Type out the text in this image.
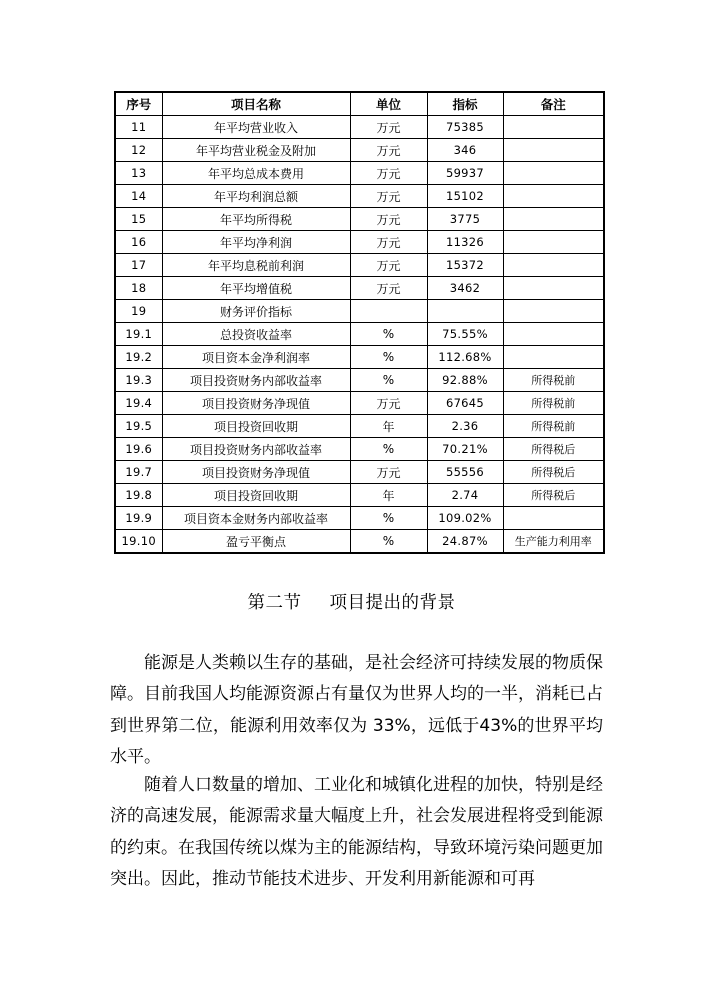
序号	项目名称	单位	指标	备注
11	年平均营业收入	万元	75385	
12	年平均营业税金及附加	万元	346	
13	年平均总成本费用	万元	59937	
14	年平均利润总额	万元	15102	
15	年平均所得税	万元	3775	
16	年平均净利润	万元	11326	
17	年平均息税前利润	万元	15372	
18	年平均增值税	万元	3462	
19	财务评价指标			
19.1	总投资收益率	%	75.55%	
19.2	项目资本金净利润率	%	112.68%	
19.3	项目投资财务内部收益率	%	92.88%	所得税前
19.4	项目投资财务净现值	万元	67645	所得税前
19.5	项目投资回收期	年	2.36	所得税前
19.6	项目投资财务内部收益率	%	70.21%	所得税后
19.7	项目投资财务净现值	万元	55556	所得税后
19.8	项目投资回收期	年	2.74	所得税后
19.9	项目资本金财务内部收益率	%	109.02%	
19.10	盈亏平衡点	%	24.87%	生产能力利用率
第二节 项目提出的背景

能源是人类赖以生存的基础，是社会经济可持续发展的物质保障。目前我国人均能源资源占有量仅为世界人均的一半，消耗已占到世界第二位，能源利用效率仅为 33%，远低于43%的世界平均水平。

随着人口数量的增加、工业化和城镇化进程的加快，特别是经济的高速发展，能源需求量大幅度上升，社会发展进程将受到能源的约束。在我国传统以煤为主的能源结构，导致环境污染问题更加突出。因此，推动节能技术进步、开发利用新能源和可再
